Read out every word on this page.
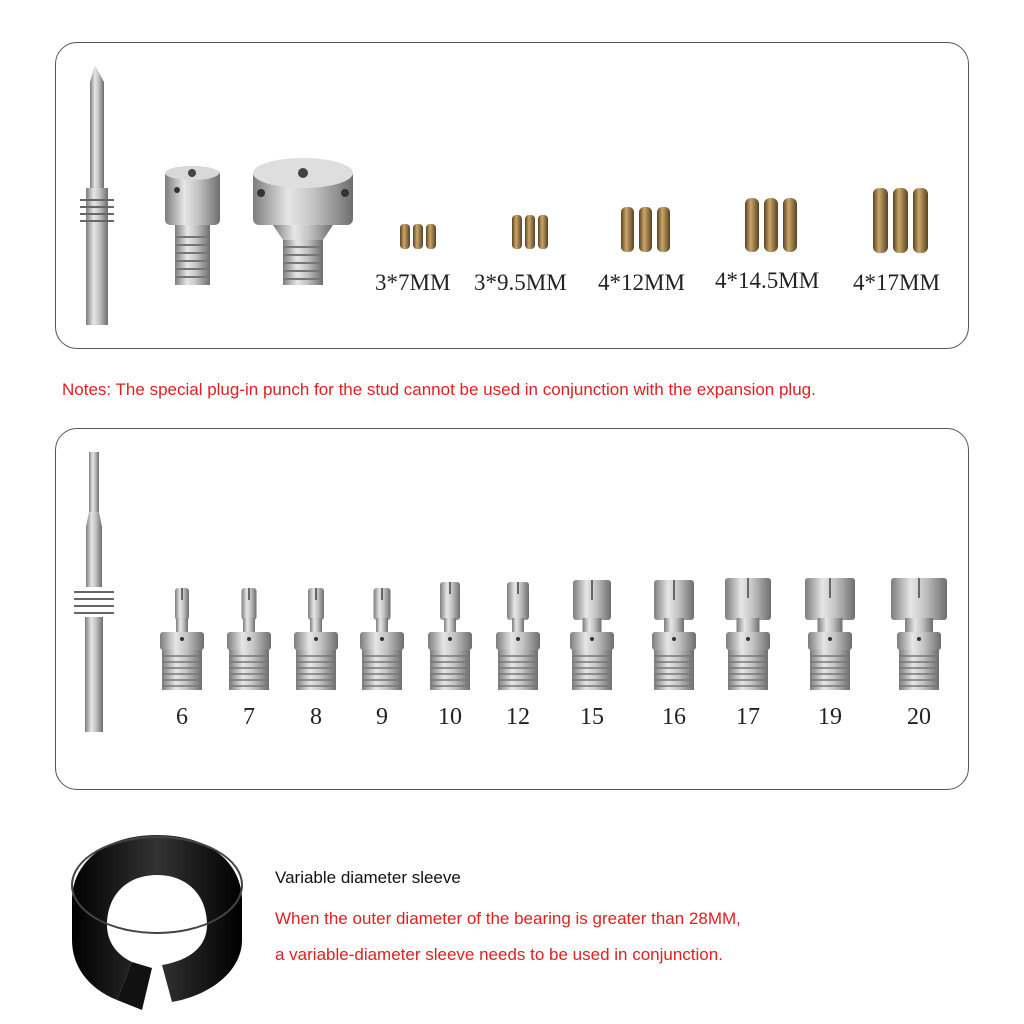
3*7MM 3*9.5MM 4*12MM 4*14.5MM 4*17MM
Notes: The special plug-in punch for the stud cannot be used in conjunction with the expansion plug.
6	7	8	9	10	12	15	16	17	19	20
Variable diameter sleeve
When the outer diameter of the bearing is greater than 28MM,
a variable-diameter sleeve needs to be used in conjunction.
